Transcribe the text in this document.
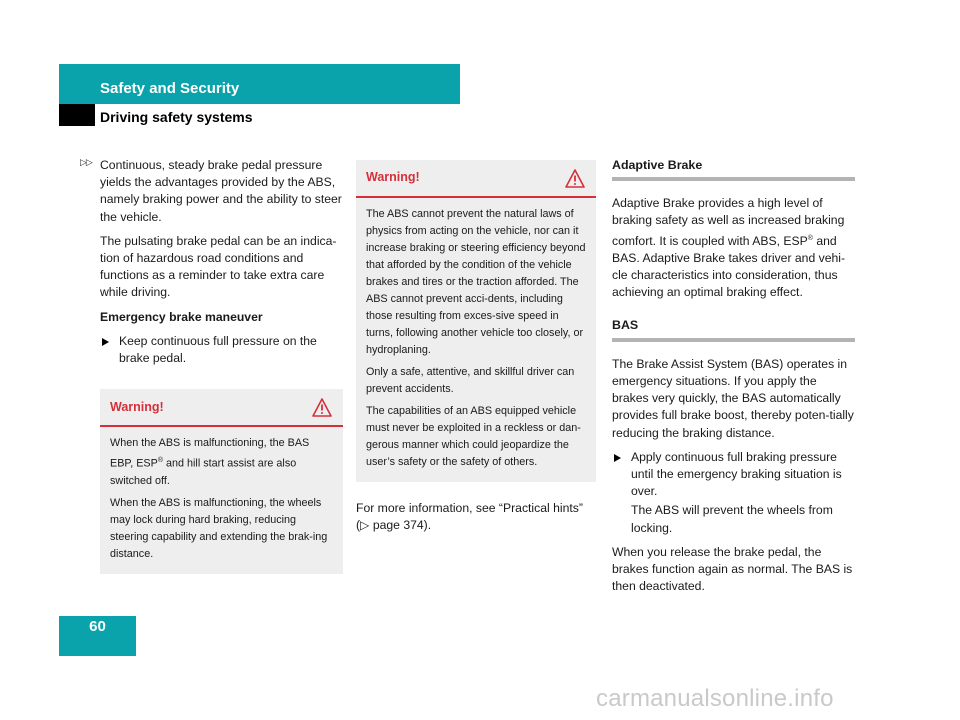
Safety and Security
Driving safety systems
▷▷ Continuous, steady brake pedal pressure yields the advantages provided by the ABS, namely braking power and the ability to steer the vehicle.

The pulsating brake pedal can be an indica-tion of hazardous road conditions and functions as a reminder to take extra care while driving.

Emergency brake maneuver

Keep continuous full pressure on the brake pedal.

Warning!

When the ABS is malfunctioning, the BAS EBP, ESP® and hill start assist are also switched off.

When the ABS is malfunctioning, the wheels may lock during hard braking, reducing steering capability and extending the brak-ing distance.

Warning!

The ABS cannot prevent the natural laws of physics from acting on the vehicle, nor can it increase braking or steering efficiency beyond that afforded by the condition of the vehicle brakes and tires or the traction afforded. The ABS cannot prevent acci-dents, including those resulting from exces-sive speed in turns, following another vehicle too closely, or hydroplaning.

Only a safe, attentive, and skillful driver can prevent accidents.

The capabilities of an ABS equipped vehicle must never be exploited in a reckless or dan-gerous manner which could jeopardize the user’s safety or the safety of others.

For more information, see “Practical hints”
(▷ page 374).

Adaptive Brake

Adaptive Brake provides a high level of braking safety as well as increased braking comfort. It is coupled with ABS, ESP® and BAS. Adaptive Brake takes driver and vehi-cle characteristics into consideration, thus achieving an optimal braking effect.

BAS

The Brake Assist System (BAS) operates in emergency situations. If you apply the brakes very quickly, the BAS automatically provides full brake boost, thereby poten-tially reducing the braking distance.

Apply continuous full braking pressure until the emergency braking situation is over.

The ABS will prevent the wheels from locking.

When you release the brake pedal, the brakes function again as normal. The BAS is then deactivated.

60
carmanualsonline.info
